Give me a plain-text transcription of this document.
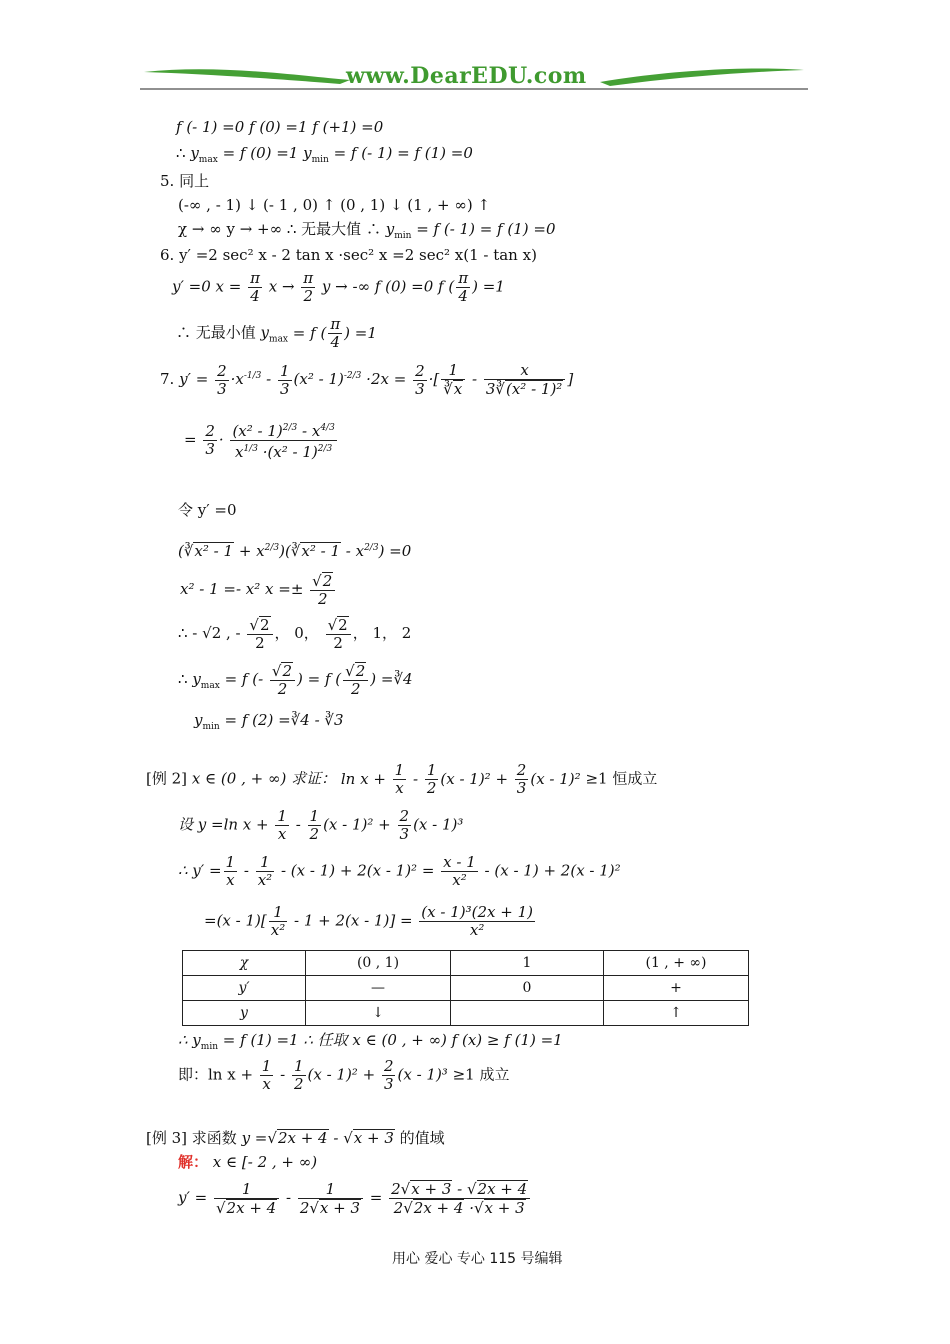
www.DearEDU.com
f (- 1) =0 f (0) =1 f (+1) =0
∴ $y_{max} = f$ (0) =1 $y_{min} = f$ (- 1) = f (1) =0
5. 同上
(-∞ , - 1) ↓ (- 1 , 0) ↑ (0 , 1) ↓ (1 , + ∞) ↑
χ → ∞ y → +∞ ∴ 无最大值 ∴ $y_{min} = f$ (- 1) = f (1) =0
6. y′ =2 sec² x - 2 tan x ·sec² x =2 sec² x(1 - tan x)
y′ =0 $x = \frac{\pi}{4}$ $x \to \frac{\pi}{2}$ y → -∞ f (0) =0 f ( $\frac{\pi}{4}$ ) =1
∴ 无最小值 $y_{max} = f$ ( $\frac{\pi}{4}$ ) =1
7. $y' = \frac{2}{3} \cdot x^{-1/3} - \frac{1}{3} (x^2 - 1)^{-2/3} \cdot 2x = \frac{2}{3}$ ·[ $\frac{1}{∛x} - \frac{x}{\text{3∛(x² - 1)²}}$ ]
= $\frac{2}{3} \cdot \frac{(x^2 - 1)^{2/3} - x^{4/3}}{x^{1/3} \cdot(x^2 - 1)^{2/3}}$
令 y′ =0
(∛x² - $1 + x^{2/3})(∛x^2 - 1 - x^{2/3}) =0$
x² - 1 =- x² $x =\pm \frac{√2}{2}$
∴ - √2 , - $\frac{√2}{2}$ ， 0， $\frac{√2}{2}$ ， 1， 2
∴ $y_{max} = f$ (- $\frac{√2}{2}$ ) = f ( $\frac{√2}{2}$ ) =∛4
$y_{min} = f$ (2) =∛4 - ∛3
[例 2] x ∈ (0 , + ∞) 求证： $\ln x + \frac{1}{x} - \frac{1}{2} (x - 1)^2 + \frac{2}{3} (x - 1)^2 \ge 1$ 恒成立
设 y =ln $x + \frac{1}{x} - \frac{1}{2} (x - 1)^2 + \frac{2}{3} (x - 1)^3$
∴ $y' = \frac{1}{x} - \frac{1}{\text{x²}} - (x - 1) + 2(x - 1)^2 = \frac{x - 1}{\text{x²}} - (x - 1) + 2(x - 1)^2$
$=(x - 1)[ \frac{1}{\text{x²}} - 1 + 2(x - 1)] = \frac{\text{(x - 1)³(2x + 1)}}{\text{x²}}$
χ	(0 , 1)	1	(1 , + ∞)
y′	—	0	+
y	↓		↑
∴ $y_{min} = f$ (1) =1 ∴ 任取 x ∈ (0 , + ∞) f (x) ≥ f (1) =1
即：$\ln x + \frac{1}{x} - \frac{1}{2} (x - 1)^2 + \frac{2}{3} (x - 1)^3 \ge 1$ 成立
[例 3] 求函数 y =√2x + 4 - √x + 3 的值域
解： x ∈ [- 2 , + ∞)
$y' = \frac{1}{√2x + 4} - \frac{1}{2√x + 3} = \frac{2√x + 3 - √2x + 4}{2√2x + 4 \cdot√x + 3}$
用心 爱心 专心 115 号编辑
